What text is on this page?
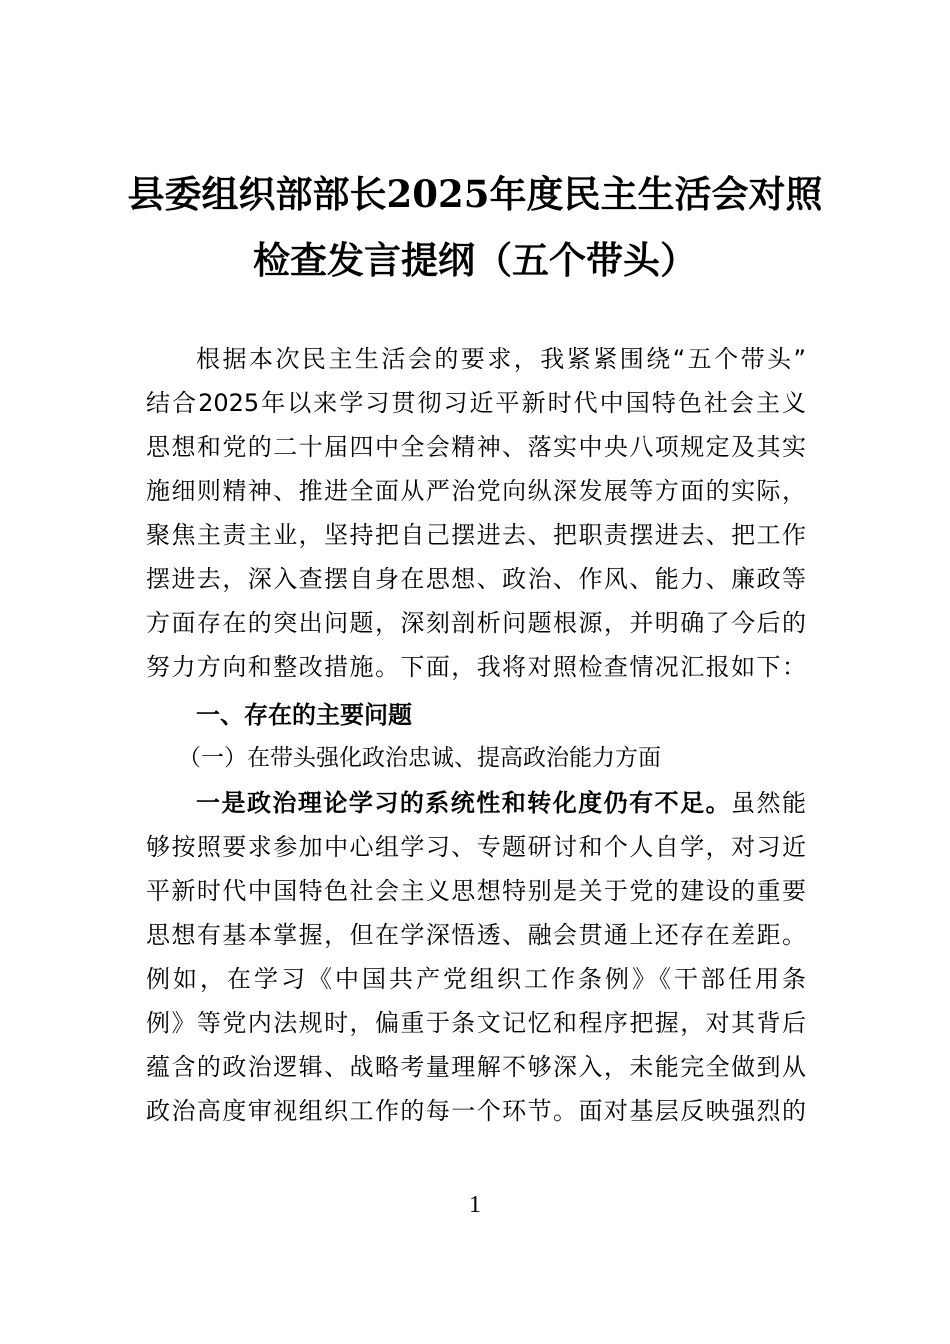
县委组织部部长2025年度民主生活会对照
检查发言提纲（五个带头）
根据本次民主生活会的要求，我紧紧围绕“五个带头”
结合2025年以来学习贯彻习近平新时代中国特色社会主义
思想和党的二十届四中全会精神、落实中央八项规定及其实
施细则精神、推进全面从严治党向纵深发展等方面的实际，
聚焦主责主业，坚持把自己摆进去、把职责摆进去、把工作
摆进去，深入查摆自身在思想、政治、作风、能力、廉政等
方面存在的突出问题，深刻剖析问题根源，并明确了今后的
努力方向和整改措施。下面，我将对照检查情况汇报如下：
一、存在的主要问题
（一）在带头强化政治忠诚、提高政治能力方面
一是政治理论学习的系统性和转化度仍有不足。虽然能
够按照要求参加中心组学习、专题研讨和个人自学，对习近
平新时代中国特色社会主义思想特别是关于党的建设的重要
思想有基本掌握，但在学深悟透、融会贯通上还存在差距。
例如，在学习《中国共产党组织工作条例》《干部任用条
例》等党内法规时，偏重于条文记忆和程序把握，对其背后
蕴含的政治逻辑、战略考量理解不够深入，未能完全做到从
政治高度审视组织工作的每一个环节。面对基层反映强烈的
1
